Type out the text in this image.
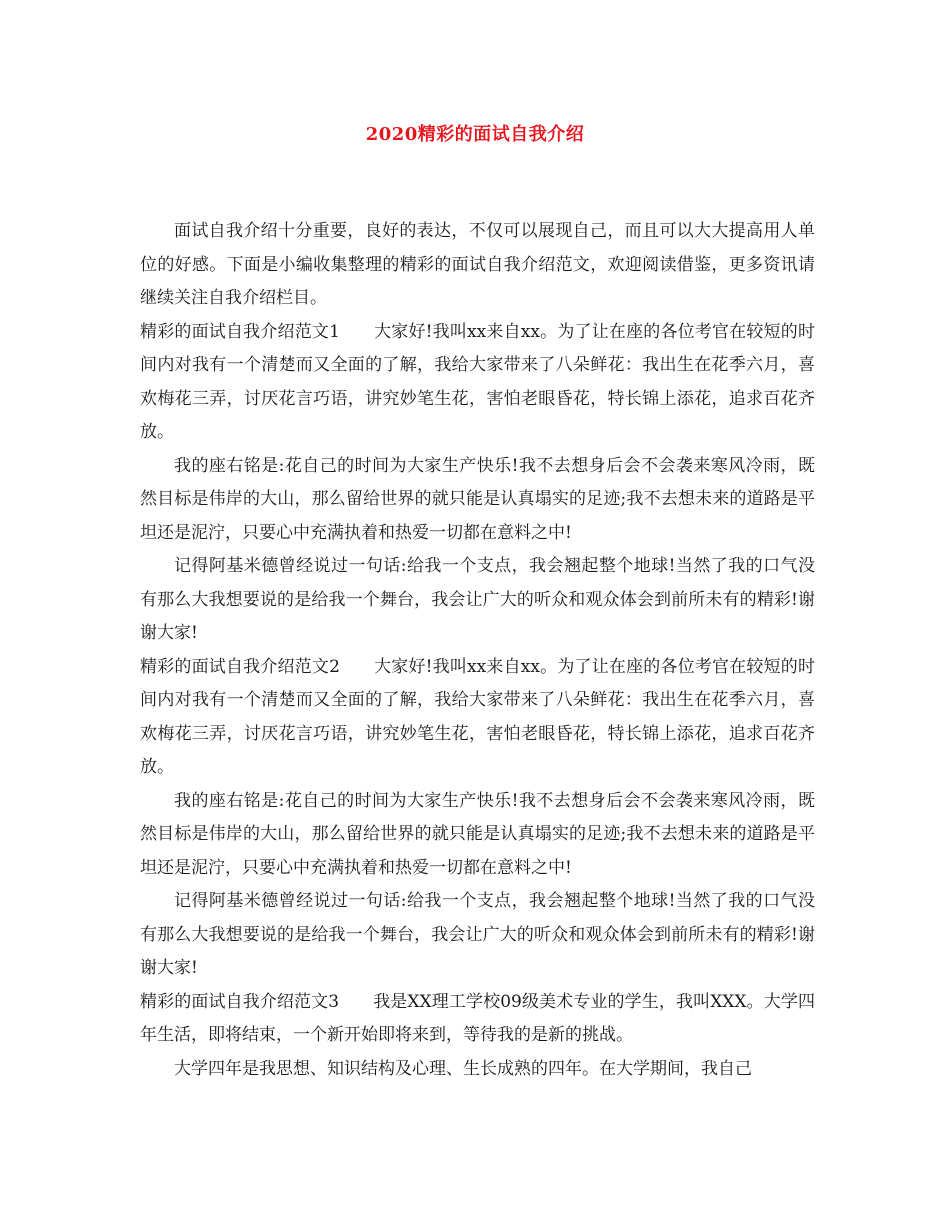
2020精彩的面试自我介绍

面试自我介绍十分重要，良好的表达，不仅可以展现自己，而且可以大大提高用人单位的好感。下面是小编收集整理的精彩的面试自我介绍范文，欢迎阅读借鉴，更多资讯请继续关注自我介绍栏目。

精彩的面试自我介绍范文1 大家好!我叫xx来自xx。为了让在座的各位考官在较短的时间内对我有一个清楚而又全面的了解，我给大家带来了八朵鲜花：我出生在花季六月，喜欢梅花三弄，讨厌花言巧语，讲究妙笔生花，害怕老眼昏花，特长锦上添花，追求百花齐放。

我的座右铭是:花自己的时间为大家生产快乐!我不去想身后会不会袭来寒风冷雨，既然目标是伟岸的大山，那么留给世界的就只能是认真塌实的足迹;我不去想未来的道路是平坦还是泥泞，只要心中充满执着和热爱一切都在意料之中!

记得阿基米德曾经说过一句话:给我一个支点，我会翘起整个地球!当然了我的口气没有那么大我想要说的是给我一个舞台，我会让广大的听众和观众体会到前所未有的精彩!谢谢大家!

精彩的面试自我介绍范文2 大家好!我叫xx来自xx。为了让在座的各位考官在较短的时间内对我有一个清楚而又全面的了解，我给大家带来了八朵鲜花：我出生在花季六月，喜欢梅花三弄，讨厌花言巧语，讲究妙笔生花，害怕老眼昏花，特长锦上添花，追求百花齐放。

我的座右铭是:花自己的时间为大家生产快乐!我不去想身后会不会袭来寒风冷雨，既然目标是伟岸的大山，那么留给世界的就只能是认真塌实的足迹;我不去想未来的道路是平坦还是泥泞，只要心中充满执着和热爱一切都在意料之中!

记得阿基米德曾经说过一句话:给我一个支点，我会翘起整个地球!当然了我的口气没有那么大我想要说的是给我一个舞台，我会让广大的听众和观众体会到前所未有的精彩!谢谢大家!

精彩的面试自我介绍范文3 我是XX理工学校09级美术专业的学生，我叫XXX。大学四年生活，即将结束，一个新开始即将来到，等待我的是新的挑战。

大学四年是我思想、知识结构及心理、生长成熟的四年。在大学期间，我自己
